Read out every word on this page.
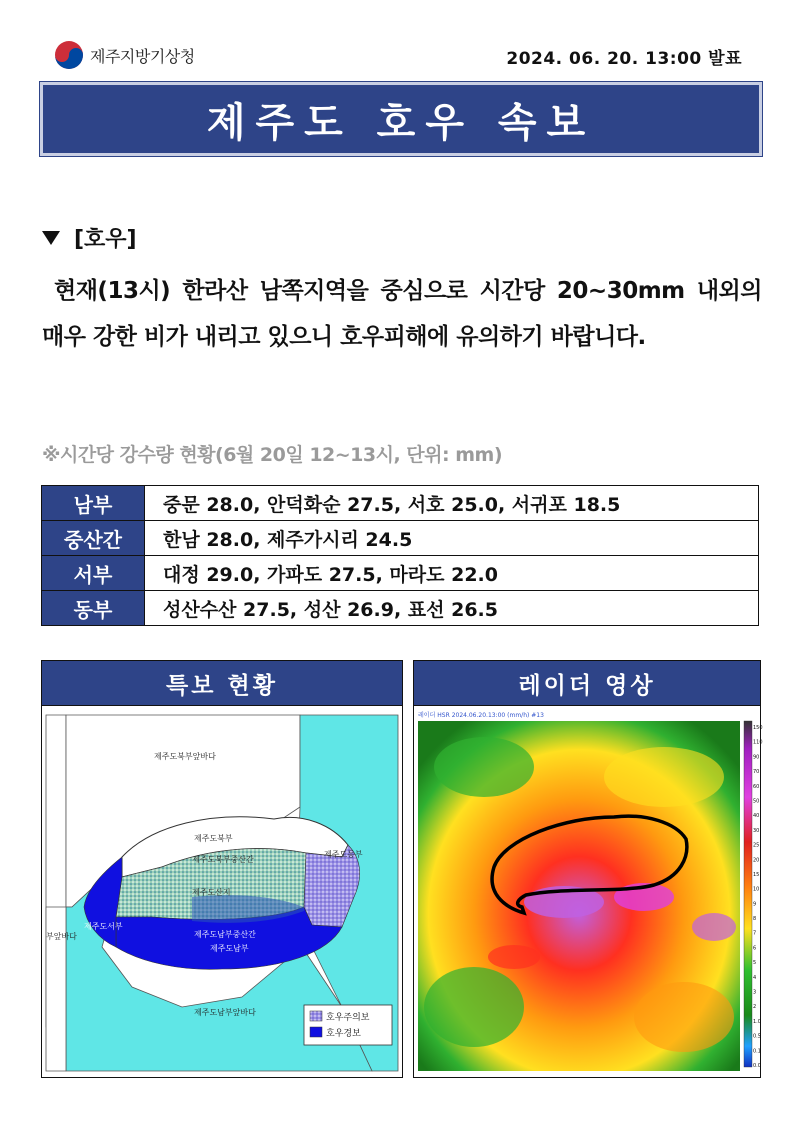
제주지방기상청	2024. 06. 20. 13:00 발표
제주도 호우 속보
[호우]
현재(13시) 한라산 남쪽지역을 중심으로 시간당 20~30mm 내외의 매우 강한 비가 내리고 있으니 호우피해에 유의하기 바랍니다.
※시간당 강수량 현황(6월 20일 12~13시, 단위: mm)
남부	중문 28.0, 안덕화순 27.5, 서호 25.0, 서귀포 18.5
중산간	한남 28.0, 제주가시리 24.5
서부	대정 29.0, 가파도 27.5, 마라도 22.0
동부	성산수산 27.5, 성산 26.9, 표선 26.5
특보 현황
제주도북부앞바다
제주도북부
제주도북부중산간
제주도산지
제주도동부
제주도서부
부앞바다	제주도남부중산간
제주도남부
제주도남부앞바다
호우주의보
호우경보
레이더 영상
레이더 HSR 2024.06.20.13:00 (mm/h) #13
150
110
90
70
60
50
40
30
25
20
15
10
9
8
7
6
5
4
3
2
1.0
0.5
0.1
0.0
